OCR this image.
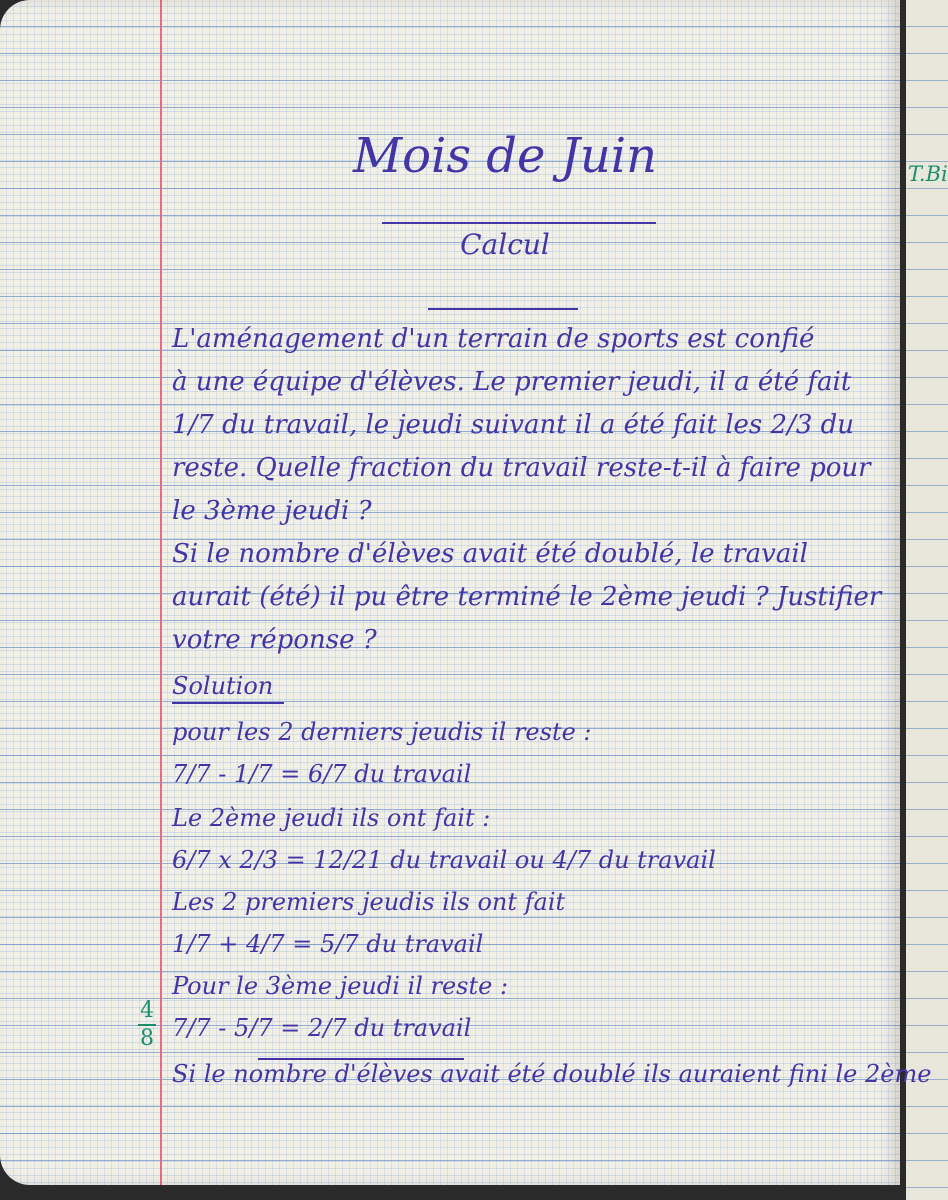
T.Bi
Mois de Juin
Calcul

L'aménagement d'un terrain de sports est confié

à une équipe d'élèves. Le premier jeudi, il a été fait

1/7 du travail, le jeudi suivant il a été fait les 2/3 du

reste. Quelle fraction du travail reste-t-il à faire pour

le 3ème jeudi ?

Si le nombre d'élèves avait été doublé, le travail

aurait (été) il pu être terminé le 2ème jeudi ? Justifier

votre réponse ?

Solution
pour les 2 derniers jeudis il reste :
7/7 - 1/7 = 6/7 du travail
Le 2ème jeudi ils ont fait :
6/7 x 2/3 = 12/21 du travail ou 4/7 du travail
Les 2 premiers jeudis ils ont fait
1/7 + 4/7 = 5/7 du travail
Pour le 3ème jeudi il reste :
7/7 - 5/7 = 2/7 du travail
Si le nombre d'élèves avait été doublé ils auraient fini le 2ème
4
8
